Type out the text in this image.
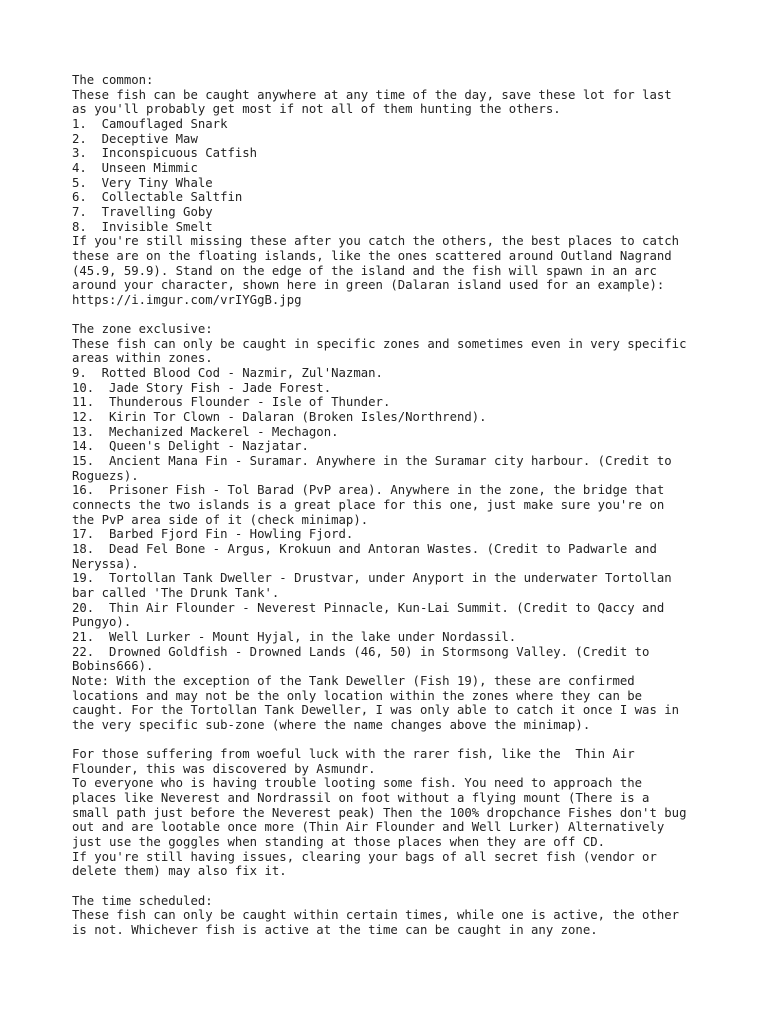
The common:
These fish can be caught anywhere at any time of the day, save these lot for last
as you'll probably get most if not all of them hunting the others.
1.  Camouflaged Snark
2.  Deceptive Maw
3.  Inconspicuous Catfish
4.  Unseen Mimmic
5.  Very Tiny Whale
6.  Collectable Saltfin
7.  Travelling Goby
8.  Invisible Smelt
If you're still missing these after you catch the others, the best places to catch
these are on the floating islands, like the ones scattered around Outland Nagrand
(45.9, 59.9). Stand on the edge of the island and the fish will spawn in an arc
around your character, shown here in green (Dalaran island used for an example):
https://i.imgur.com/vrIYGgB.jpg
The zone exclusive:
These fish can only be caught in specific zones and sometimes even in very specific
areas within zones.
9.  Rotted Blood Cod - Nazmir, Zul'Nazman.
10.  Jade Story Fish - Jade Forest.
11.  Thunderous Flounder - Isle of Thunder.
12.  Kirin Tor Clown - Dalaran (Broken Isles/Northrend).
13.  Mechanized Mackerel - Mechagon.
14.  Queen's Delight - Nazjatar.
15.  Ancient Mana Fin - Suramar. Anywhere in the Suramar city harbour. (Credit to
Roguezs).
16.  Prisoner Fish - Tol Barad (PvP area). Anywhere in the zone, the bridge that
connects the two islands is a great place for this one, just make sure you're on
the PvP area side of it (check minimap).
17.  Barbed Fjord Fin - Howling Fjord.
18.  Dead Fel Bone - Argus, Krokuun and Antoran Wastes. (Credit to Padwarle and
Neryssa).
19.  Tortollan Tank Dweller - Drustvar, under Anyport in the underwater Tortollan
bar called 'The Drunk Tank'.
20.  Thin Air Flounder - Neverest Pinnacle, Kun-Lai Summit. (Credit to Qaccy and
Pungyo).
21.  Well Lurker - Mount Hyjal, in the lake under Nordassil.
22.  Drowned Goldfish - Drowned Lands (46, 50) in Stormsong Valley. (Credit to
Bobins666).
Note: With the exception of the Tank Deweller (Fish 19), these are confirmed
locations and may not be the only location within the zones where they can be
caught. For the Tortollan Tank Deweller, I was only able to catch it once I was in
the very specific sub-zone (where the name changes above the minimap).
For those suffering from woeful luck with the rarer fish, like the  Thin Air
Flounder, this was discovered by Asmundr.
To everyone who is having trouble looting some fish. You need to approach the
places like Neverest and Nordrassil on foot without a flying mount (There is a
small path just before the Neverest peak) Then the 100% dropchance Fishes don't bug
out and are lootable once more (Thin Air Flounder and Well Lurker) Alternatively
just use the goggles when standing at those places when they are off CD.
If you're still having issues, clearing your bags of all secret fish (vendor or
delete them) may also fix it.
The time scheduled:
These fish can only be caught within certain times, while one is active, the other
is not. Whichever fish is active at the time can be caught in any zone.
